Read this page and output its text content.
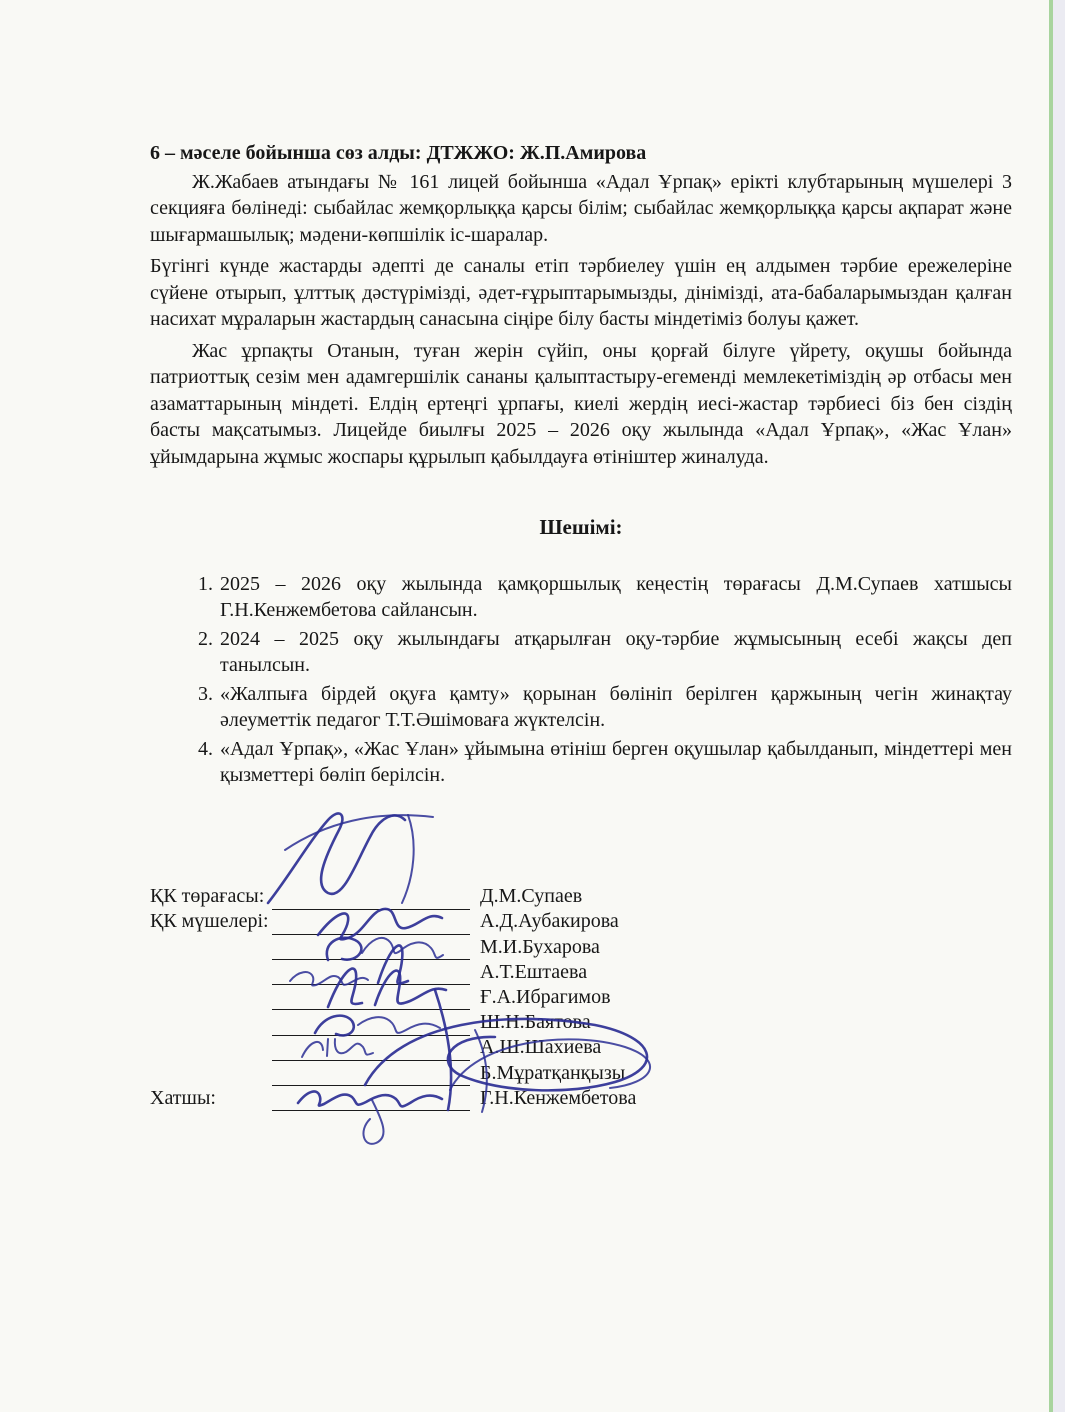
6 – мәселе бойынша сөз алды: ДТЖЖО: Ж.П.Амирова

Ж.Жабаев атындағы № 161 лицей бойынша «Адал Ұрпақ» ерікті клубтарының мүшелері 3 секцияға бөлінеді: сыбайлас жемқорлыққа қарсы білім; сыбайлас жемқорлыққа қарсы ақпарат және шығармашылық; мәдени-көпшілік іс-шаралар.

Бүгінгі күнде жастарды әдепті де саналы етіп тәрбиелеу үшін ең алдымен тәрбие ережелеріне сүйене отырып, ұлттық дәстүрімізді, әдет-ғұрыптарымызды, дінімізді, ата-бабаларымыздан қалған насихат мұраларын жастардың санасына сіңіре білу басты міндетіміз болуы қажет.

Жас ұрпақты Отанын, туған жерін сүйіп, оны қорғай білуге үйрету, оқушы бойында патриоттық сезім мен адамгершілік сананы қалыптастыру-егеменді мемлекетіміздің әр отбасы мен азаматтарының міндеті. Елдің ертеңгі ұрпағы, киелі жердің иесі-жастар тәрбиесі біз бен сіздің басты мақсатымыз. Лицейде биылғы 2025 – 2026 оқу жылында «Адал Ұрпақ», «Жас Ұлан» ұйымдарына жұмыс жоспары құрылып қабылдауға өтініштер жиналуда.

Шешімі:
1. 2025 – 2026 оқу жылында қамқоршылық кеңестің төрағасы Д.М.Супаев хатшысы Г.Н.Кенжембетова сайлансын.
2. 2024 – 2025 оқу жылындағы атқарылған оқу-тәрбие жұмысының есебі жақсы деп танылсын.
3. «Жалпыға бірдей оқуға қамту» қорынан бөлініп берілген қаржының чегін жинақтау әлеуметтік педагог Т.Т.Әшімоваға жүктелсін.
4. «Адал Ұрпақ», «Жас Ұлан» ұйымына өтініш берген оқушылар қабылданып, міндеттері мен қызметтері бөліп берілсін.
ҚК төрағасы:	Д.М.Супаев
ҚК мүшелері:	А.Д.Аубакирова
М.И.Бухарова
А.Т.Ештаева
Ғ.А.Ибрагимов
Ш.Н.Баятова
А.Ш.Шахиева
Б.Мұратқанқызы
Хатшы:	Г.Н.Кенжембетова
